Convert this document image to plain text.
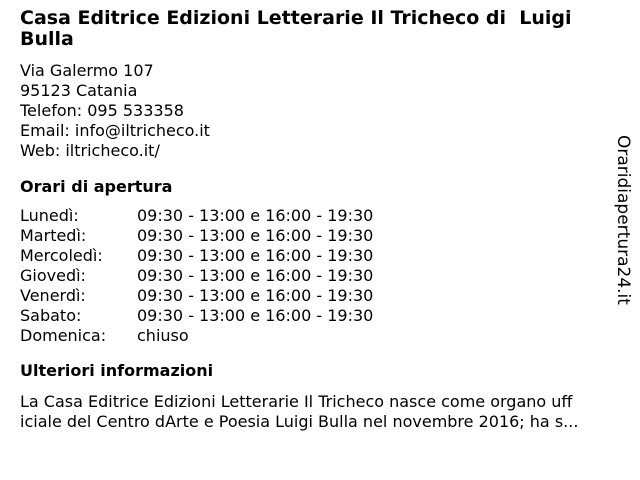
Casa Editrice Edizioni Letterarie Il Tricheco di  Luigi Bulla
Via Galermo 107
95123 Catania
Telefon: 095 533358
Email: info@iltricheco.it
Web: iltricheco.it/
Orari di apertura
Lunedì:	09:30 - 13:00 e 16:00 - 19:30
Martedì:	09:30 - 13:00 e 16:00 - 19:30
Mercoledì:	09:30 - 13:00 e 16:00 - 19:30
Giovedì:	09:30 - 13:00 e 16:00 - 19:30
Venerdì:	09:30 - 13:00 e 16:00 - 19:30
Sabato:	09:30 - 13:00 e 16:00 - 19:30
Domenica:	chiuso
Ulteriori informazioni
La Casa Editrice Edizioni Letterarie Il Tricheco nasce come organo uff
iciale del Centro dArte e Poesia Luigi Bulla nel novembre 2016; ha s...
Oraridiapertura24.it
